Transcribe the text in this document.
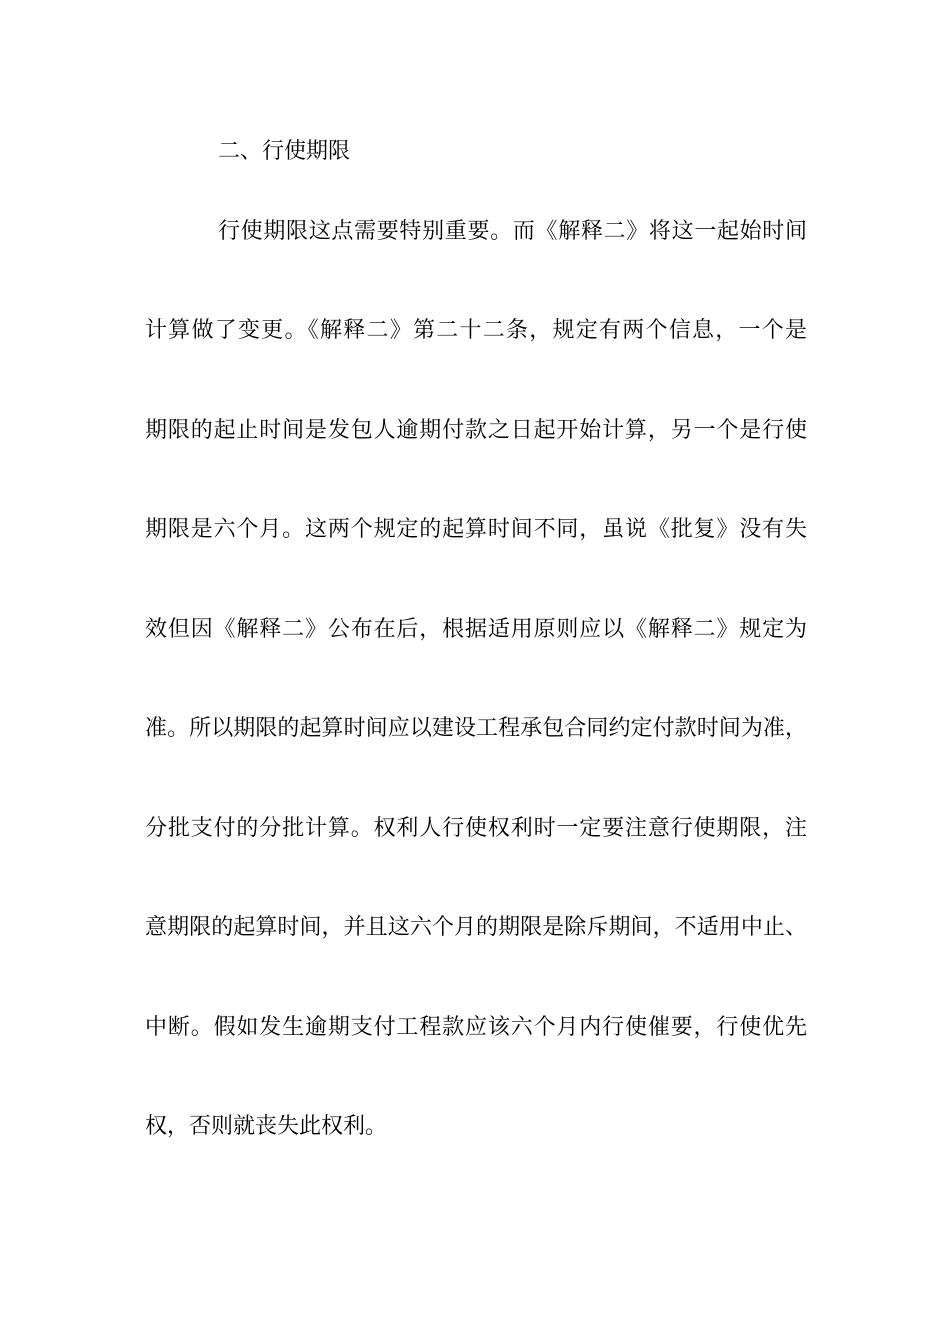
二、行使期限
行使期限这点需要特别重要。而《解释二》将这一起始时间
计算做了变更。《解释二》第二十二条，规定有两个信息，一个是
期限的起止时间是发包人逾期付款之日起开始计算，另一个是行使
期限是六个月。这两个规定的起算时间不同，虽说《批复》没有失
效但因《解释二》公布在后，根据适用原则应以《解释二》规定为
准。所以期限的起算时间应以建设工程承包合同约定付款时间为准，
分批支付的分批计算。权利人行使权利时一定要注意行使期限，注
意期限的起算时间，并且这六个月的期限是除斥期间，不适用中止、
中断。假如发生逾期支付工程款应该六个月内行使催要，行使优先
权，否则就丧失此权利。
